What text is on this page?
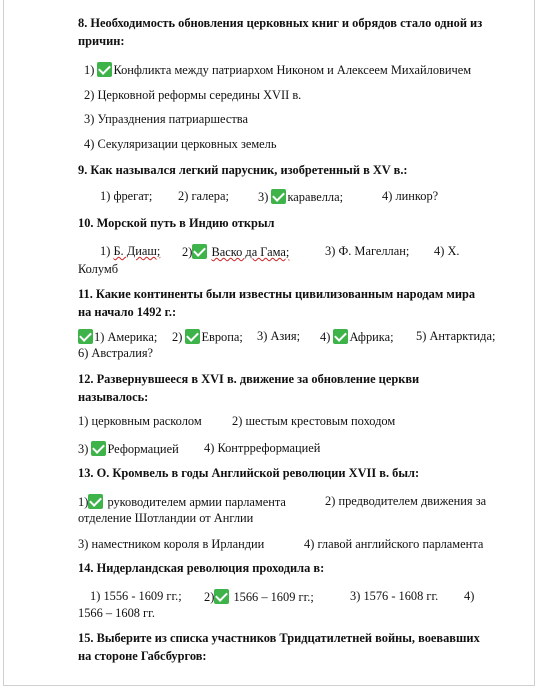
8. Необходимость обновления церковных книг и обрядов стало одной из
причин:
1) Конфликта между патриархом Никоном и Алексеем Михайловичем
2) Церковной реформы середины XVII в.
3) Упразднения патриаршества
4) Секуляризации церковных земель
9. Как назывался легкий парусник, изобретенный в XV в.:
1) фрегат; 2) галера; 3) каравелла;	4) линкор?
10. Морской путь в Индию открыл
1) Б. Диаш; 2) Васко да Гама;	3) Ф. Магеллан; 4) Х.
Колумб
11. Какие континенты были известны цивилизованным народам мира
на начало 1492 г.:
1) Америка; 2) Европа; 3) Азия; 4) Африка; 5) Антарктида;
6) Австралия?
12. Развернувшееся в XVI в. движение за обновление церкви
называлось:
1) церковным расколом 2) шестым крестовым походом
3) Реформацией 4) Контрреформацией
13. О. Кромвель в годы Английской революции XVII в. был:
1) руководителем армии парламента	2) предводителем движения за
отделение Шотландии от Англии
3) наместником короля в Ирландии	4) главой английского парламента
14. Нидерландская революция проходила в:
1) 1556 - 1609 гг.; 2) 1566 – 1609 гг.;	3) 1576 - 1608 гг. 4)
1566 – 1608 гг.
15. Выберите из списка участников Тридцатилетней войны, воевавших
на стороне Габсбургов:
